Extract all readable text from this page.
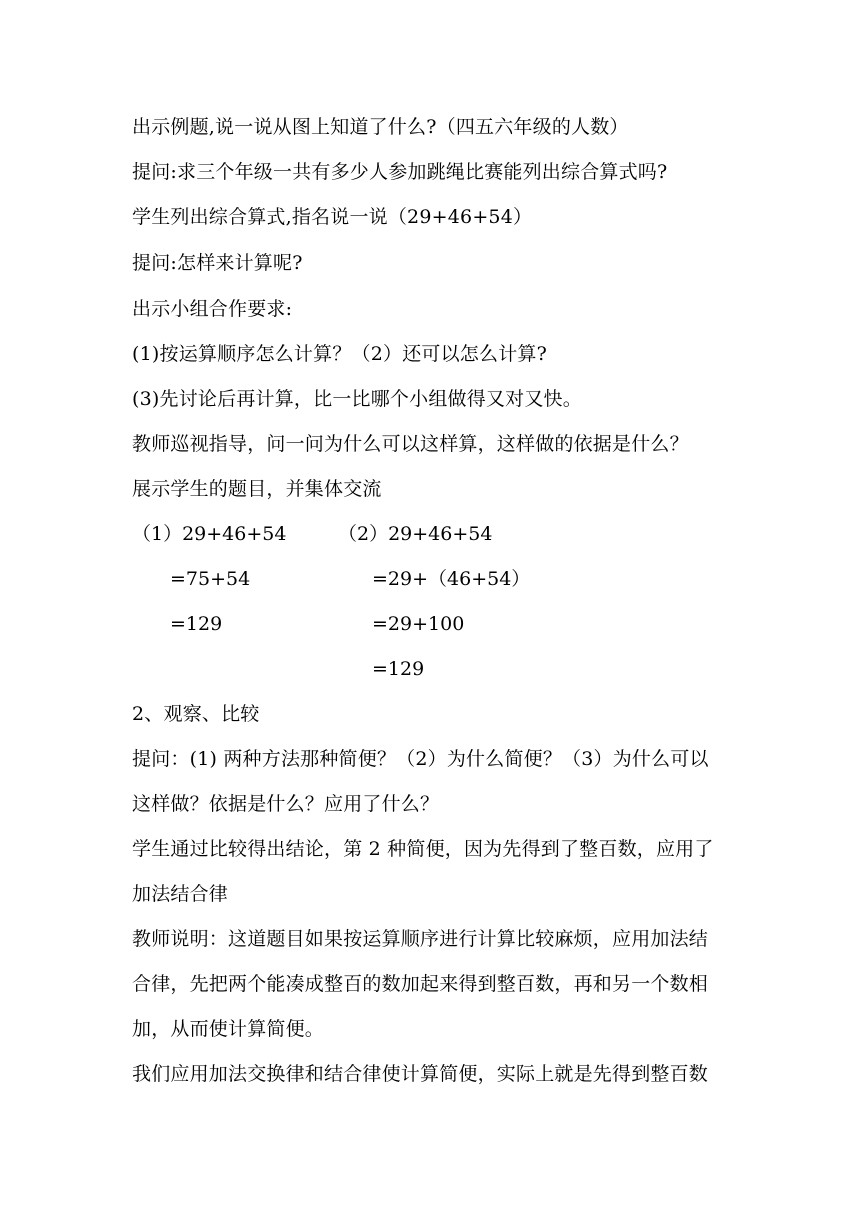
出示例题,说一说从图上知道了什么?（四五六年级的人数）
提问:求三个年级一共有多少人参加跳绳比赛能列出综合算式吗?
学生列出综合算式,指名说一说（29+46+54）
提问:怎样来计算呢?
出示小组合作要求:
(1)按运算顺序怎么计算？（2）还可以怎么计算?
(3)先讨论后再计算，比一比哪个小组做得又对又快。
教师巡视指导，问一问为什么可以这样算，这样做的依据是什么？
展示学生的题目，并集体交流
（1）29+46+54
=75+54
=129
（2）29+46+54
=29+（46+54）
=29+100
=129
2、观察、比较
提问：(1) 两种方法那种简便？（2）为什么简便？（3）为什么可以
这样做？依据是什么？应用了什么？
学生通过比较得出结论，第 2 种简便，因为先得到了整百数，应用了
加法结合律
教师说明：这道题目如果按运算顺序进行计算比较麻烦，应用加法结
合律，先把两个能凑成整百的数加起来得到整百数，再和另一个数相
加，从而使计算简便。
我们应用加法交换律和结合律使计算简便，实际上就是先得到整百数
